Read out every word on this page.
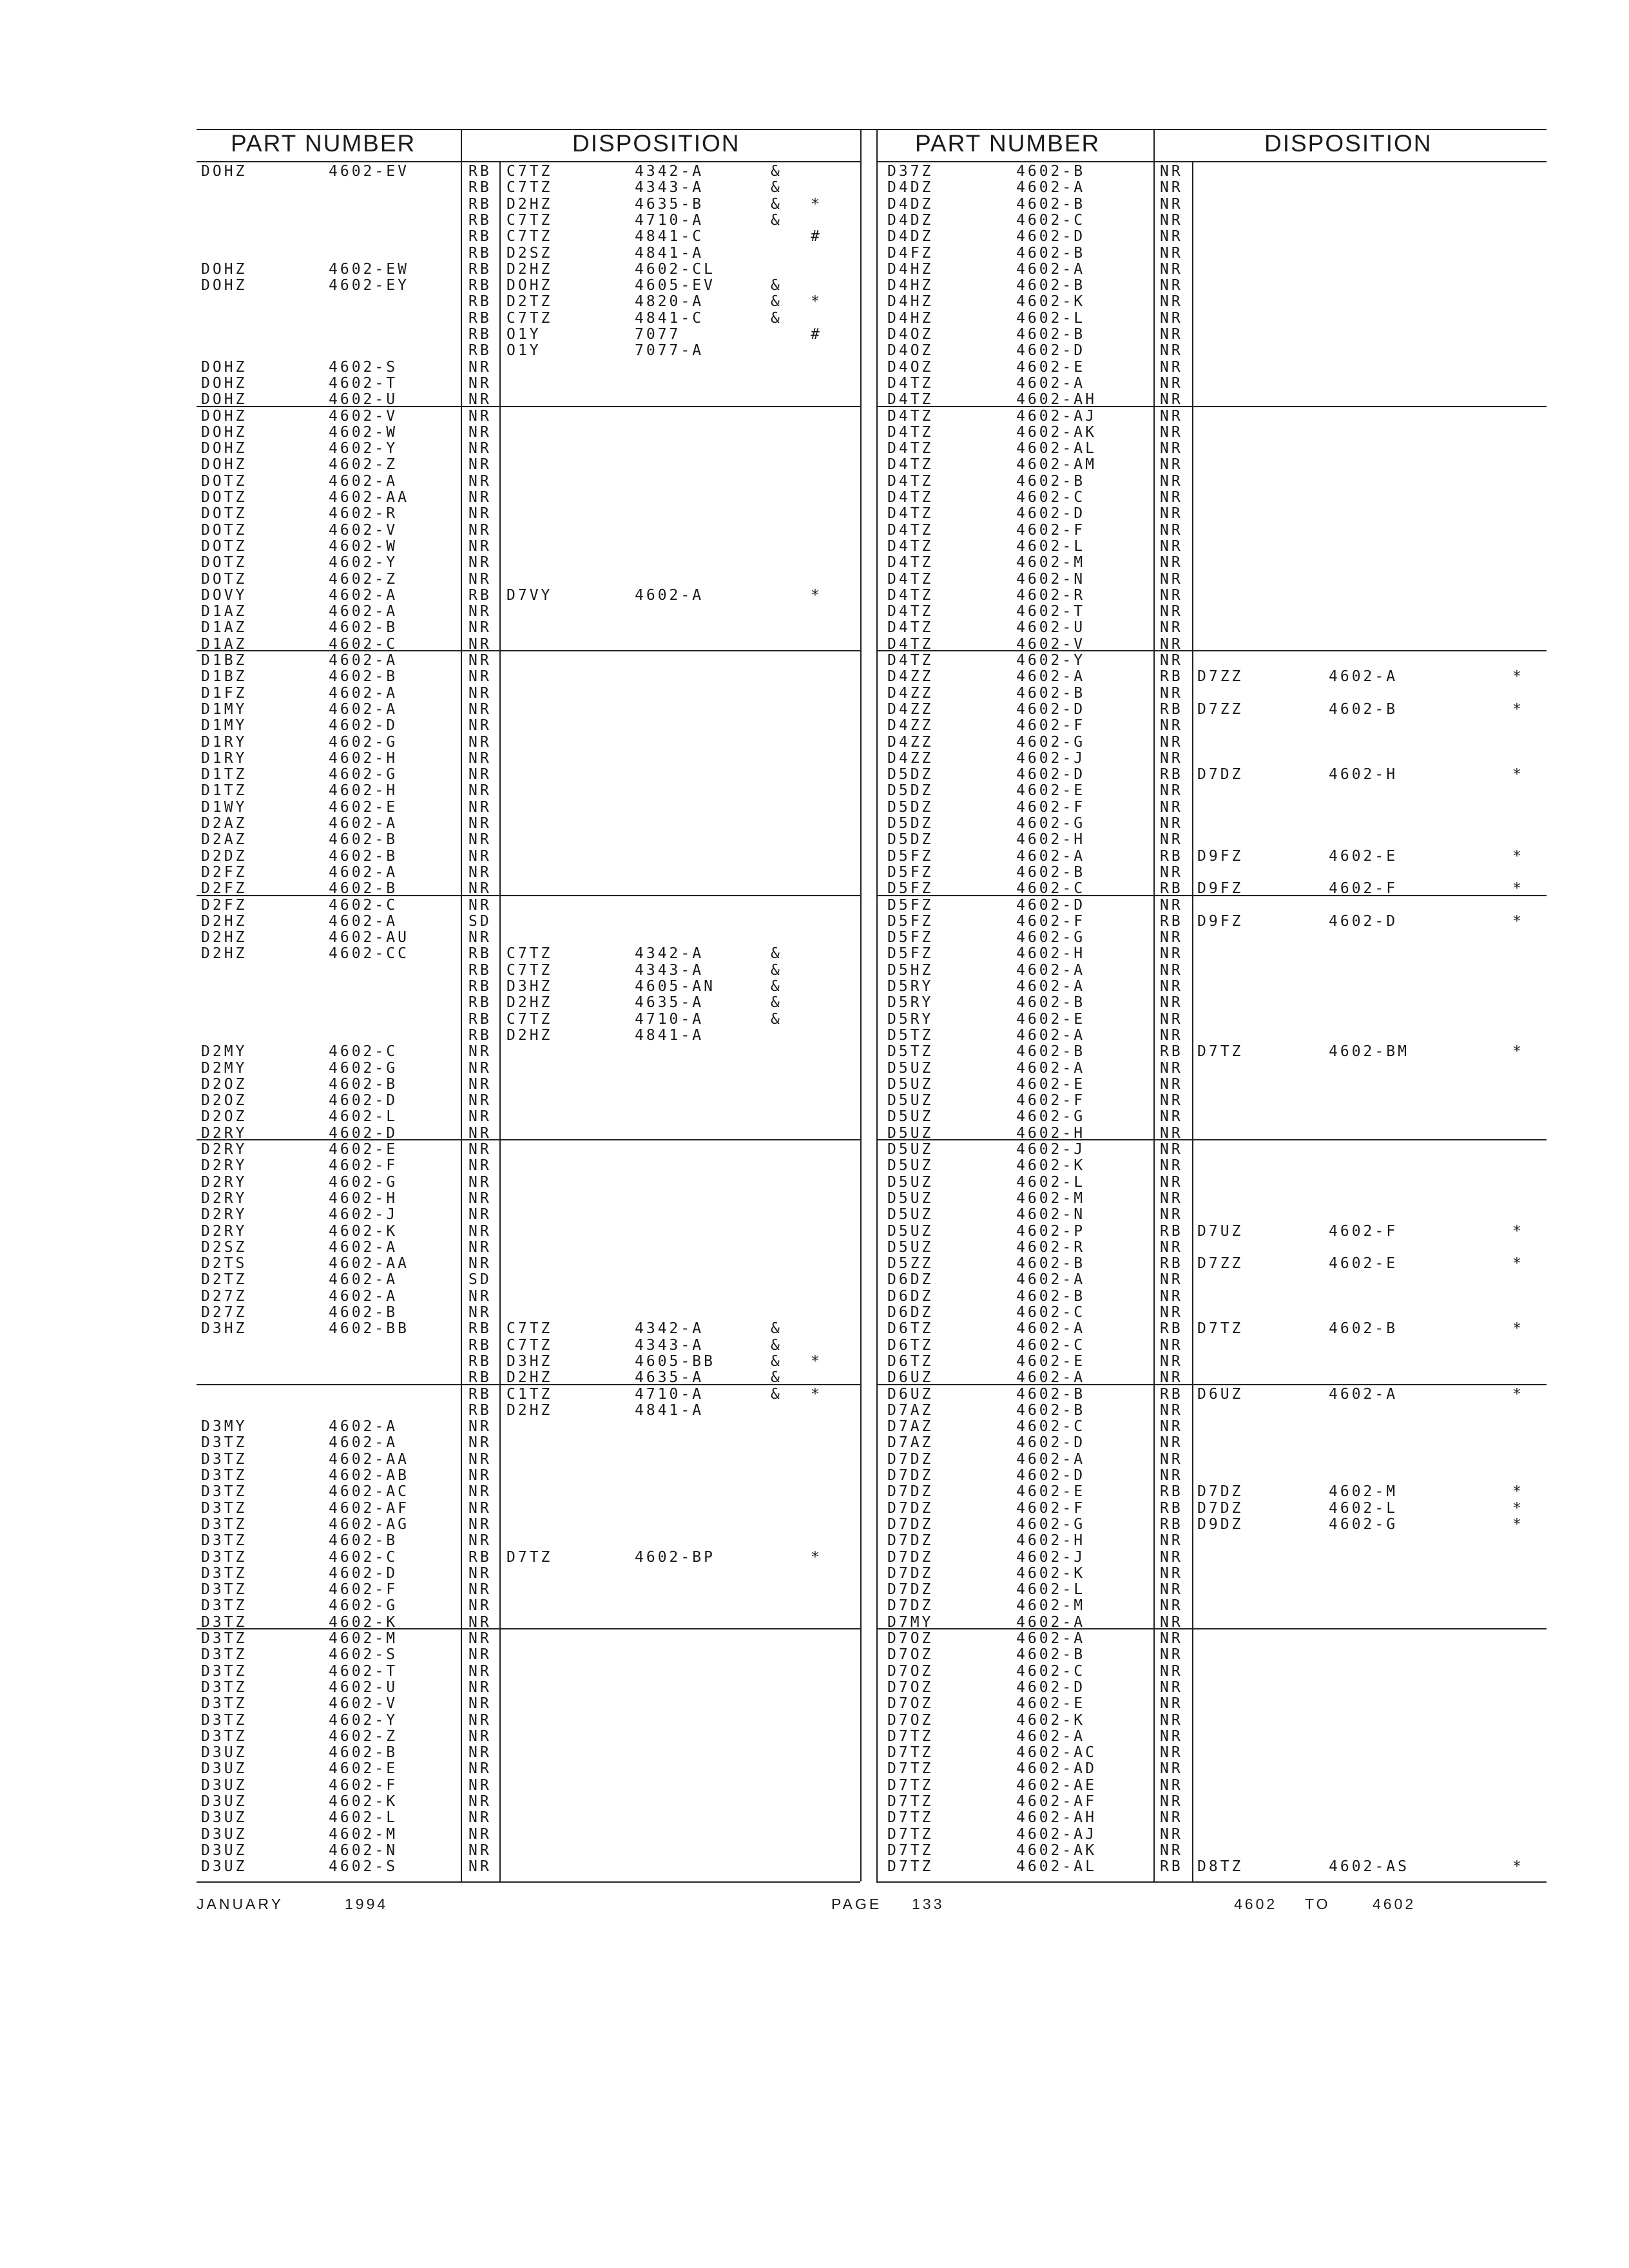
PART NUMBER	DISPOSITION	PART NUMBER	DISPOSITION
DOHZ	4602-EV	RB C7TZ	4342-A	&
RB C7TZ	4343-A	&
RB D2HZ	4635-B	& *
RB C7TZ	4710-A	&
RB C7TZ	4841-C	#
RB D2SZ	4841-A
DOHZ	4602-EW	RB D2HZ	4602-CL
DOHZ	4602-EY	RB DOHZ	4605-EV	&
RB D2TZ	4820-A	& *
RB C7TZ	4841-C	&
RB O1Y	7077	#
RB O1Y	7077-A
DOHZ	4602-S	NR
DOHZ	4602-T	NR
DOHZ	4602-U	NR
DOHZ	4602-V	NR
DOHZ	4602-W	NR
DOHZ	4602-Y	NR
DOHZ	4602-Z	NR
DOTZ	4602-A	NR
DOTZ	4602-AA	NR
DOTZ	4602-R	NR
DOTZ	4602-V	NR
DOTZ	4602-W	NR
DOTZ	4602-Y	NR
DOTZ	4602-Z	NR
DOVY	4602-A	RB D7VY	4602-A	*
D1AZ	4602-A	NR
D1AZ	4602-B	NR
D1AZ	4602-C	NR
D1BZ	4602-A	NR
D1BZ	4602-B	NR
D1FZ	4602-A	NR
D1MY	4602-A	NR
D1MY	4602-D	NR
D1RY	4602-G	NR
D1RY	4602-H	NR
D1TZ	4602-G	NR
D1TZ	4602-H	NR
D1WY	4602-E	NR
D2AZ	4602-A	NR
D2AZ	4602-B	NR
D2DZ	4602-B	NR
D2FZ	4602-A	NR
D2FZ	4602-B	NR
D2FZ	4602-C	NR
D2HZ	4602-A	SD
D2HZ	4602-AU	NR
D2HZ	4602-CC	RB C7TZ	4342-A	&
RB C7TZ	4343-A	&
RB D3HZ	4605-AN	&
RB D2HZ	4635-A	&
RB C7TZ	4710-A	&
RB D2HZ	4841-A
D2MY	4602-C	NR
D2MY	4602-G	NR
D2OZ	4602-B	NR
D2OZ	4602-D	NR
D2OZ	4602-L	NR
D2RY	4602-D	NR
D2RY	4602-E	NR
D2RY	4602-F	NR
D2RY	4602-G	NR
D2RY	4602-H	NR
D2RY	4602-J	NR
D2RY	4602-K	NR
D2SZ	4602-A	NR
D2TS	4602-AA	NR
D2TZ	4602-A	SD
D27Z	4602-A	NR
D27Z	4602-B	NR
D3HZ	4602-BB	RB C7TZ	4342-A	&
RB C7TZ	4343-A	&
RB D3HZ	4605-BB	& *
RB D2HZ	4635-A	&
RB C1TZ	4710-A	& *
RB D2HZ	4841-A
D3MY	4602-A	NR
D3TZ	4602-A	NR
D3TZ	4602-AA	NR
D3TZ	4602-AB	NR
D3TZ	4602-AC	NR
D3TZ	4602-AF	NR
D3TZ	4602-AG	NR
D3TZ	4602-B	NR
D3TZ	4602-C	RB D7TZ	4602-BP	*
D3TZ	4602-D	NR
D3TZ	4602-F	NR
D3TZ	4602-G	NR
D3TZ	4602-K	NR
D3TZ	4602-M	NR
D3TZ	4602-S	NR
D3TZ	4602-T	NR
D3TZ	4602-U	NR
D3TZ	4602-V	NR
D3TZ	4602-Y	NR
D3TZ	4602-Z	NR
D3UZ	4602-B	NR
D3UZ	4602-E	NR
D3UZ	4602-F	NR
D3UZ	4602-K	NR
D3UZ	4602-L	NR
D3UZ	4602-M	NR
D3UZ	4602-N	NR
D3UZ	4602-S	NR
D37Z	4602-B	NR
D4DZ	4602-A	NR
D4DZ	4602-B	NR
D4DZ	4602-C	NR
D4DZ	4602-D	NR
D4FZ	4602-B	NR
D4HZ	4602-A	NR
D4HZ	4602-B	NR
D4HZ	4602-K	NR
D4HZ	4602-L	NR
D4OZ	4602-B	NR
D4OZ	4602-D	NR
D4OZ	4602-E	NR
D4TZ	4602-A	NR
D4TZ	4602-AH	NR
D4TZ	4602-AJ	NR
D4TZ	4602-AK	NR
D4TZ	4602-AL	NR
D4TZ	4602-AM	NR
D4TZ	4602-B	NR
D4TZ	4602-C	NR
D4TZ	4602-D	NR
D4TZ	4602-F	NR
D4TZ	4602-L	NR
D4TZ	4602-M	NR
D4TZ	4602-N	NR
D4TZ	4602-R	NR
D4TZ	4602-T	NR
D4TZ	4602-U	NR
D4TZ	4602-V	NR
D4TZ	4602-Y	NR
D4ZZ	4602-A	RB D7ZZ	4602-A	*
D4ZZ	4602-B	NR
D4ZZ	4602-D	RB D7ZZ	4602-B	*
D4ZZ	4602-F	NR
D4ZZ	4602-G	NR
D4ZZ	4602-J	NR
D5DZ	4602-D	RB D7DZ	4602-H	*
D5DZ	4602-E	NR
D5DZ	4602-F	NR
D5DZ	4602-G	NR
D5DZ	4602-H	NR
D5FZ	4602-A	RB D9FZ	4602-E	*
D5FZ	4602-B	NR
D5FZ	4602-C	RB D9FZ	4602-F	*
D5FZ	4602-D	NR
D5FZ	4602-F	RB D9FZ	4602-D	*
D5FZ	4602-G	NR
D5FZ	4602-H	NR
D5HZ	4602-A	NR
D5RY	4602-A	NR
D5RY	4602-B	NR
D5RY	4602-E	NR
D5TZ	4602-A	NR
D5TZ	4602-B	RB D7TZ	4602-BM	*
D5UZ	4602-A	NR
D5UZ	4602-E	NR
D5UZ	4602-F	NR
D5UZ	4602-G	NR
D5UZ	4602-H	NR
D5UZ	4602-J	NR
D5UZ	4602-K	NR
D5UZ	4602-L	NR
D5UZ	4602-M	NR
D5UZ	4602-N	NR
D5UZ	4602-P	RB D7UZ	4602-F	*
D5UZ	4602-R	NR
D5ZZ	4602-B	RB D7ZZ	4602-E	*
D6DZ	4602-A	NR
D6DZ	4602-B	NR
D6DZ	4602-C	NR
D6TZ	4602-A	RB D7TZ	4602-B	*
D6TZ	4602-C	NR
D6TZ	4602-E	NR
D6UZ	4602-A	NR
D6UZ	4602-B	RB D6UZ	4602-A	*
D7AZ	4602-B	NR
D7AZ	4602-C	NR
D7AZ	4602-D	NR
D7DZ	4602-A	NR
D7DZ	4602-D	NR
D7DZ	4602-E	RB D7DZ	4602-M	*
D7DZ	4602-F	RB D7DZ	4602-L	*
D7DZ	4602-G	RB D9DZ	4602-G	*
D7DZ	4602-H	NR
D7DZ	4602-J	NR
D7DZ	4602-K	NR
D7DZ	4602-L	NR
D7DZ	4602-M	NR
D7MY	4602-A	NR
D7OZ	4602-A	NR
D7OZ	4602-B	NR
D7OZ	4602-C	NR
D7OZ	4602-D	NR
D7OZ	4602-E	NR
D7OZ	4602-K	NR
D7TZ	4602-A	NR
D7TZ	4602-AC	NR
D7TZ	4602-AD	NR
D7TZ	4602-AE	NR
D7TZ	4602-AF	NR
D7TZ	4602-AH	NR
D7TZ	4602-AJ	NR
D7TZ	4602-AK	NR
D7TZ	4602-AL	RB D8TZ	4602-AS	*
JANUARY	1994	PAGE 133	4602 TO	4602
